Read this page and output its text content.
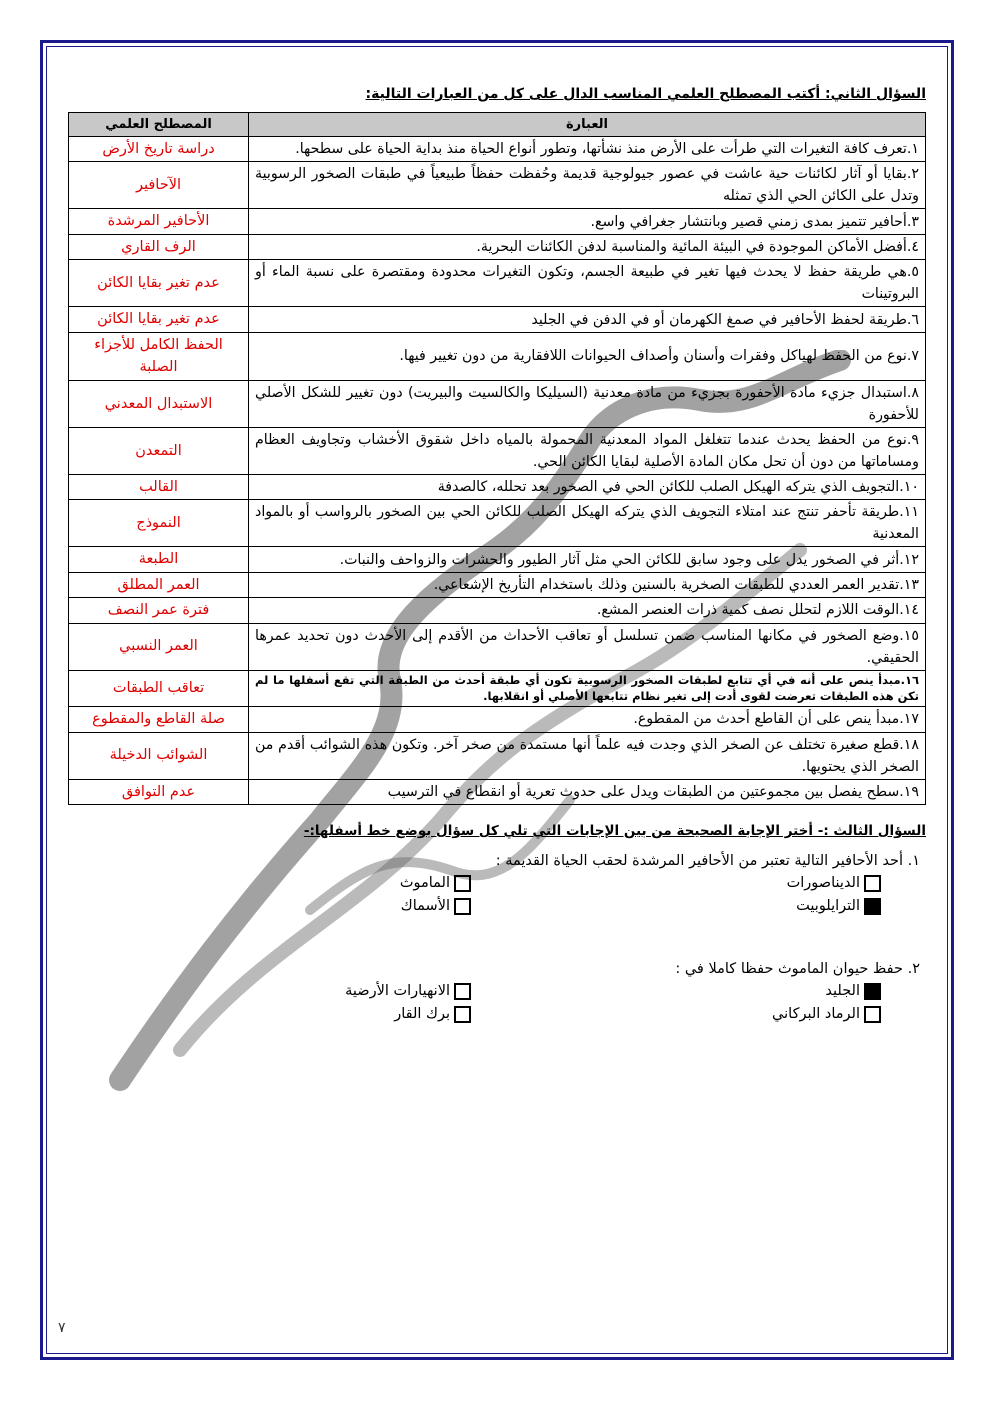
السؤال الثاني: أكتب المصطلح العلمي المناسب الدال على كل من العبارات التالية:
العبارة	المصطلح العلمي
١.تعرف كافة التغيرات التي طرأت على الأرض منذ نشأتها، وتطور أنواع الحياة منذ بداية الحياة على سطحها.	دراسة تاريخ الأرض
٢.بقايا أو آثار لكائنات حية عاشت في عصور جيولوجية قديمة وحُفظت حفظاً طبيعياً في طبقات الصخور الرسوبية وتدل على الكائن الحي الذي تمثله	الآحافير
٣.أحافير تتميز بمدى زمني قصير وبانتشار جغرافي واسع.	الأحافير المرشدة
٤.أفضل الأماكن الموجودة في البيئة المائية والمناسبة لدفن الكائنات البحرية.	الرف القاري
٥.هي طريقة حفظ لا يحدث فيها تغير في طبيعة الجسم، وتكون التغيرات محدودة ومقتصرة على نسبة الماء أو البروتينات	عدم تغير بقايا الكائن
٦.طريقة لحفظ الأحافير في صمغ الكهرمان أو في الدفن في الجليد	عدم تغير بقايا الكائن
٧.نوع من الحفظ لهياكل وفقرات وأسنان وأصداف الحيوانات اللافقارية من دون تغيير فيها.	الحفظ الكامل للأجزاء الصلبة
٨.استبدال جزيء مادة الأحفورة بجزيء من مادة معدنية (السيليكا والكالسيت والبيريت) دون تغيير للشكل الأصلي للأحفورة	الاستبدال المعدني
٩.نوع من الحفظ يحدث عندما تتغلغل المواد المعدنية المحمولة بالمياه داخل شقوق الأخشاب وتجاويف العظام ومساماتها من دون أن تحل مكان المادة الأصلية لبقايا الكائن الحي.	التمعدن
١٠.التجويف الذي يتركه الهيكل الصلب للكائن الحي في الصخور بعد تحلله، كالصدفة	القالب
١١.طريقة تأحفر تنتج عند امتلاء التجويف الذي يتركه الهيكل الصلب للكائن الحي بين الصخور بالرواسب أو بالمواد المعدنية	النموذج
١٢.أثر في الصخور يدل على وجود سابق للكائن الحي مثل آثار الطيور والحشرات والزواحف والنبات.	الطبعة
١٣.تقدير العمر العددي للطبقات الصخرية بالسنين وذلك باستخدام التأريخ الإشعاعي.	العمر المطلق
١٤.الوقت اللازم لتحلل نصف كمية ذرات العنصر المشع.	فترة عمر النصف
١٥.وضع الصخور في مكانها المناسب ضمن تسلسل أو تعاقب الأحداث من الأقدم إلى الأحدث دون تحديد عمرها الحقيقي.	العمر النسبي
١٦.مبدأ ينص على أنه في أي تتابع لطبقات الصخور الرسوبية تكون أي طبقة أحدث من الطبقة التي تقع أسفلها ما لم تكن هذه الطبقات تعرضت لقوى أدت إلى تغير نظام تتابعها الأصلي أو انقلابها.	تعاقب الطبقات
١٧.مبدأ ينص على أن القاطع أحدث من المقطوع.	صلة القاطع والمقطوع
١٨.قطع صغيرة تختلف عن الصخر الذي وجدت فيه علماً أنها مستمدة من صخر آخر. وتكون هذه الشوائب أقدم من الصخر الذي يحتويها.	الشوائب الدخيلة
١٩.سطح يفصل بين مجموعتين من الطبقات ويدل على حدوث تعرية أو انقطاع في الترسيب	عدم التوافق
السؤال الثالث :- أختر الإجابة الصحيحة من بين الإجابات التي تلي كل سؤال بوضع خط أسفلها:-
١. أحد الأحافير التالية تعتبر من الأحافير المرشدة لحقب الحياة القديمة :
الديناصورات
الماموث
الترايلوبيت
الأسماك
٢. حفظ حيوان الماموث حفظا كاملا في :
الجليد
الانهيارات الأرضية
الرماد البركاني
برك القار
٧
